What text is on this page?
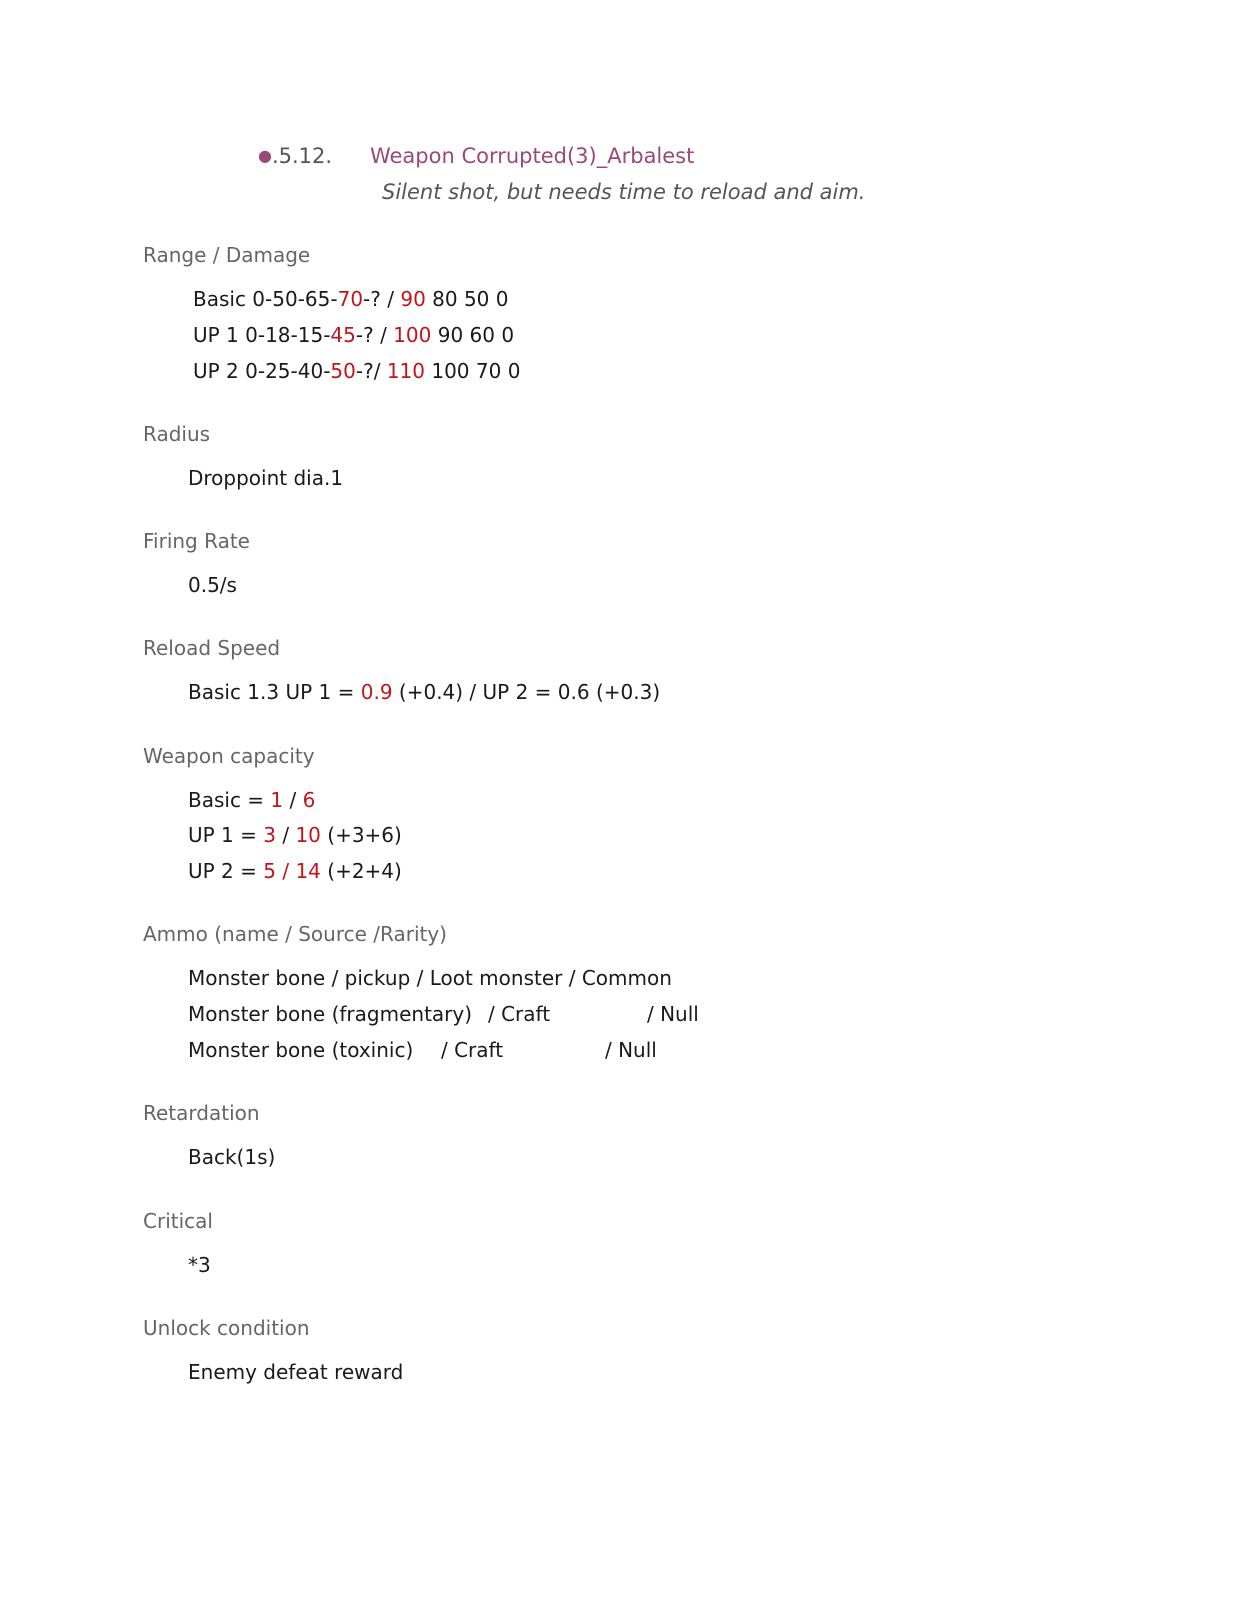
●.5.12. Weapon Corrupted(3)_Arbalest
Silent shot, but needs time to reload and aim.
Range / Damage
Basic 0-50-65-70-? / 90 80 50 0
UP 1 0-18-15-45-? / 100 90 60 0
UP 2 0-25-40-50-?/ 110 100 70 0
Radius
Droppoint dia.1
Firing Rate
0.5/s
Reload Speed
Basic 1.3 UP 1 = 0.9 (+0.4) / UP 2 = 0.6 (+0.3)
Weapon capacity
Basic = 1 / 6
UP 1 = 3 / 10 (+3+6)
UP 2 = 5 / 14 (+2+4)
Ammo (name / Source /Rarity)
Monster bone / pickup / Loot monster / Common
Monster bone (fragmentary) / Craft	/ Null
Monster bone (toxinic) / Craft	/ Null
Retardation
Back(1s)
Critical
*3
Unlock condition
Enemy defeat reward
